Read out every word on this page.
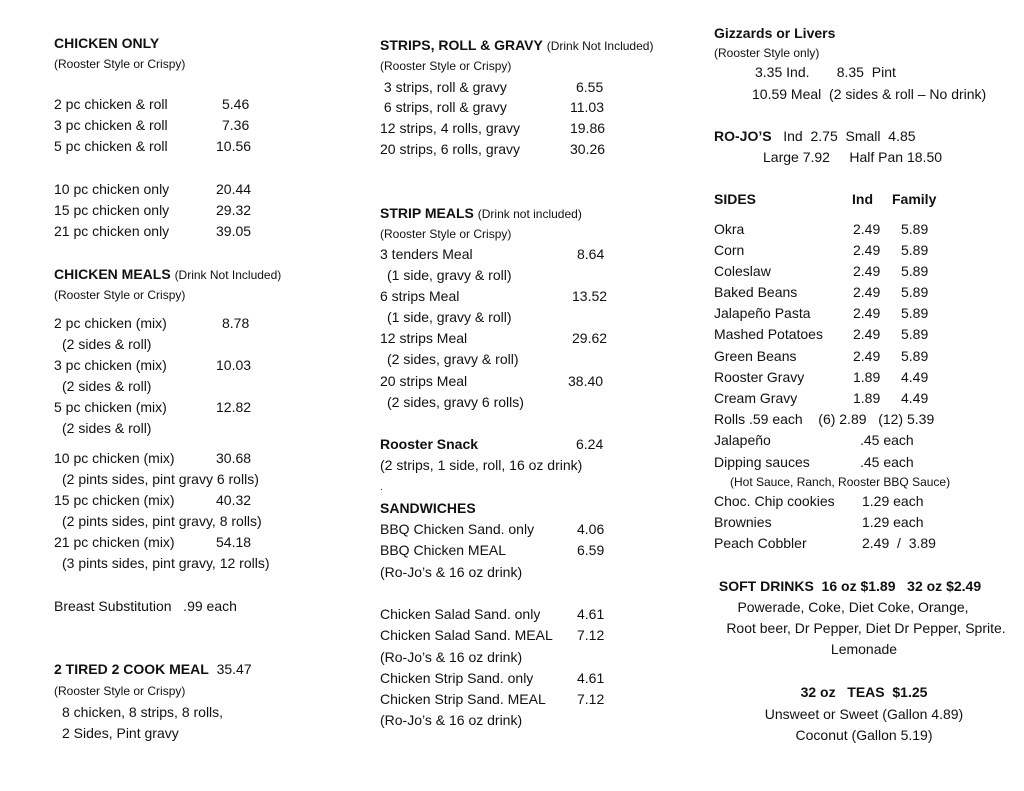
CHICKEN ONLY
(Rooster Style or Crispy)
2 pc chicken & roll	5.46
3 pc chicken & roll	7.36
5 pc chicken & roll	10.56
10 pc chicken only	20.44
15 pc chicken only	29.32
21 pc chicken only	39.05
CHICKEN MEALS (Drink Not Included)
(Rooster Style or Crispy)
2 pc chicken (mix)	8.78
(2 sides & roll)
3 pc chicken (mix)	10.03
(2 sides & roll)
5 pc chicken (mix)	12.82
(2 sides & roll)
10 pc chicken (mix)	30.68
(2 pints sides, pint gravy 6 rolls)
15 pc chicken (mix)	40.32
(2 pints sides, pint gravy, 8 rolls)
21 pc chicken (mix)	54.18
(3 pints sides, pint gravy, 12 rolls)
Breast Substitution   .99 each
2 TIRED 2 COOK MEAL 35.47
(Rooster Style or Crispy)
8 chicken, 8 strips, 8 rolls,
2 Sides, Pint gravy
STRIPS, ROLL & GRAVY (Drink Not Included)
(Rooster Style or Crispy)
3 strips, roll & gravy	6.55
6 strips, roll & gravy	11.03
12 strips, 4 rolls, gravy	19.86
20 strips, 6 rolls, gravy	30.26
STRIP MEALS (Drink not included)
(Rooster Style or Crispy)
3 tenders Meal	8.64
(1 side, gravy & roll)
6 strips Meal	13.52
(1 side, gravy & roll)
12 strips Meal	29.62
(2 sides, gravy & roll)
20 strips Meal	38.40
(2 sides, gravy 6 rolls)
Rooster Snack	6.24
(2 strips, 1 side, roll, 16 oz drink)
.
SANDWICHES
BBQ Chicken Sand. only	4.06
BBQ Chicken MEAL	6.59
(Ro-Jo’s & 16 oz drink)
Chicken Salad Sand. only	4.61
Chicken Salad Sand. MEAL 7.12
(Ro-Jo’s & 16 oz drink)
Chicken Strip Sand. only	4.61
Chicken Strip Sand. MEAL 7.12
(Ro-Jo’s & 16 oz drink)
Gizzards or Livers
(Rooster Style only)
3.35 Ind.       8.35  Pint
10.59 Meal  (2 sides & roll – No drink)
RO-JO’S Ind  2.75  Small  4.85
Large 7.92     Half Pan 18.50
SIDES	Ind Family
Okra	2.49 5.89
Corn	2.49 5.89
Coleslaw	2.49 5.89
Baked Beans	2.49 5.89
Jalapeño Pasta	2.49 5.89
Mashed Potatoes 2.49 5.89
Green Beans	2.49 5.89
Rooster Gravy	1.89 4.49
Cream Gravy	1.89 4.49
Rolls .59 each    (6) 2.89   (12) 5.39
Jalapeño	.45 each
Dipping sauces	.45 each
(Hot Sauce, Ranch, Rooster BBQ Sauce)
Choc. Chip cookies 1.29 each
Brownies	1.29 each
Peach Cobbler	2.49  /  3.89
SOFT DRINKS  16 oz $1.89   32 oz $2.49
Powerade, Coke, Diet Coke, Orange,
Root beer, Dr Pepper, Diet Dr Pepper, Sprite.
Lemonade
32 oz   TEAS  $1.25
Unsweet or Sweet (Gallon 4.89)
Coconut (Gallon 5.19)
